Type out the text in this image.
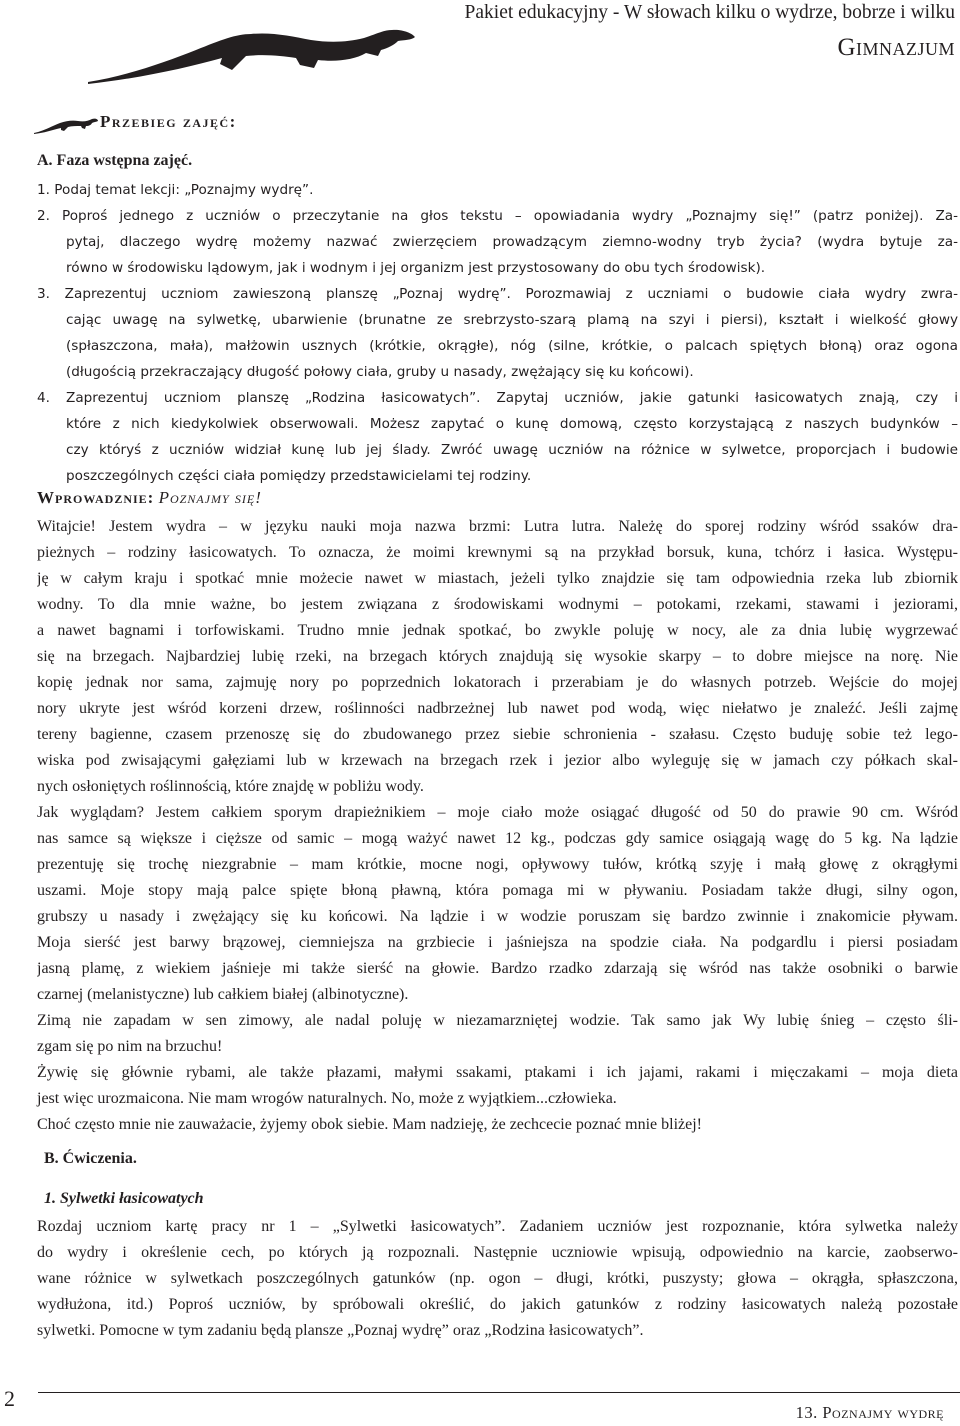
Pakiet edukacyjny - W słowach kilku o wydrze, bobrze i wilku
Gimnazjum
Przebieg zajęć:
A. Faza wstępna zajęć.
1. Podaj temat lekcji: „Poznajmy wydrę”.
2. Poproś jednego z uczniów o przeczytanie na głos tekstu – opowiadania wydry „Poznajmy się!” (patrz poniżej). Za-
pytaj, dlaczego wydrę możemy nazwać zwierzęciem prowadzącym ziemno-wodny tryb życia? (wydra bytuje za-
równo w środowisku lądowym, jak i wodnym i jej organizm jest przystosowany do obu tych środowisk).
3. Zaprezentuj uczniom zawieszoną planszę „Poznaj wydrę”. Porozmawiaj z uczniami o budowie ciała wydry zwra-
cając uwagę na sylwetkę, ubarwienie (brunatne ze srebrzysto-szarą plamą na szyi i piersi), kształt i wielkość głowy
(spłaszczona, mała), małżowin usznych (krótkie, okrągłe), nóg (silne, krótkie, o palcach spiętych błoną) oraz ogona
(długością przekraczający długość połowy ciała, gruby u nasady, zwężający się ku końcowi).
4. Zaprezentuj uczniom planszę „Rodzina łasicowatych”. Zapytaj uczniów, jakie gatunki łasicowatych znają, czy i
które z nich kiedykolwiek obserwowali. Możesz zapytać o kunę domową, często korzystającą z naszych budynków –
czy któryś z uczniów widział kunę lub jej ślady. Zwróć uwagę uczniów na różnice w sylwetce, proporcjach i budowie
poszczególnych części ciała pomiędzy przedstawicielami tej rodziny.
Wprowadznie: Poznajmy się!
Witajcie! Jestem wydra – w języku nauki moja nazwa brzmi: Lutra lutra. Należę do sporej rodziny wśród ssaków dra-
pieżnych – rodziny łasicowatych. To oznacza, że moimi krewnymi są na przykład borsuk, kuna, tchórz i łasica. Występu-
ję w całym kraju i spotkać mnie możecie nawet w miastach, jeżeli tylko znajdzie się tam odpowiednia rzeka lub zbiornik
wodny. To dla mnie ważne, bo jestem związana z środowiskami wodnymi – potokami, rzekami, stawami i jeziorami,
a nawet bagnami i torfowiskami. Trudno mnie jednak spotkać, bo zwykle poluję w nocy, ale za dnia lubię wygrzewać
się na brzegach. Najbardziej lubię rzeki, na brzegach których znajdują się wysokie skarpy – to dobre miejsce na norę. Nie
kopię jednak nor sama, zajmuję nory po poprzednich lokatorach i przerabiam je do własnych potrzeb. Wejście do mojej
nory ukryte jest wśród korzeni drzew, roślinności nadbrzeżnej lub nawet pod wodą, więc niełatwo je znaleźć. Jeśli zajmę
tereny bagienne, czasem przenoszę się do zbudowanego przez siebie schronienia - szałasu. Często buduję sobie też lego-
wiska pod zwisającymi gałęziami lub w krzewach na brzegach rzek i jezior albo wyleguję się w jamach czy półkach skal-
nych osłoniętych roślinnością, które znajdę w pobliżu wody.
Jak wyglądam? Jestem całkiem sporym drapieżnikiem – moje ciało może osiągać długość od 50 do prawie 90 cm. Wśród
nas samce są większe i cięższe od samic – mogą ważyć nawet 12 kg., podczas gdy samice osiągają wagę do 5 kg. Na lądzie
prezentuję się trochę niezgrabnie – mam krótkie, mocne nogi, opływowy tułów, krótką szyję i małą głowę z okrągłymi
uszami. Moje stopy mają palce spięte błoną pławną, która pomaga mi w pływaniu. Posiadam także długi, silny ogon,
grubszy u nasady i zwężający się ku końcowi. Na lądzie i w wodzie poruszam się bardzo zwinnie i znakomicie pływam.
Moja sierść jest barwy brązowej, ciemniejsza na grzbiecie i jaśniejsza na spodzie ciała. Na podgardlu i piersi posiadam
jasną plamę, z wiekiem jaśnieje mi także sierść na głowie. Bardzo rzadko zdarzają się wśród nas także osobniki o barwie
czarnej (melanistyczne) lub całkiem białej (albinotyczne).
Zimą nie zapadam w sen zimowy, ale nadal poluję w niezamarzniętej wodzie. Tak samo jak Wy lubię śnieg – często śli-
zgam się po nim na brzuchu!
Żywię się głównie rybami, ale także płazami, małymi ssakami, ptakami i ich jajami, rakami i mięczakami – moja dieta
jest więc urozmaicona. Nie mam wrogów naturalnych. No, może z wyjątkiem...człowieka.
Choć często mnie nie zauważacie, żyjemy obok siebie. Mam nadzieję, że zechcecie poznać mnie bliżej!
B. Ćwiczenia.
1. Sylwetki łasicowatych
Rozdaj uczniom kartę pracy nr 1 – „Sylwetki łasicowatych”. Zadaniem uczniów jest rozpoznanie, która sylwetka należy
do wydry i określenie cech, po których ją rozpoznali. Następnie uczniowie wpisują, odpowiednio na karcie, zaobserwo-
wane różnice w sylwetkach poszczególnych gatunków (np. ogon – długi, krótki, puszysty; głowa – okrągła, spłaszczona,
wydłużona, itd.) Poproś uczniów, by spróbowali określić, do jakich gatunków z rodziny łasicowatych należą pozostałe
sylwetki. Pomocne w tym zadaniu będą plansze „Poznaj wydrę” oraz „Rodzina łasicowatych”.
2
13. Poznajmy wydrę
